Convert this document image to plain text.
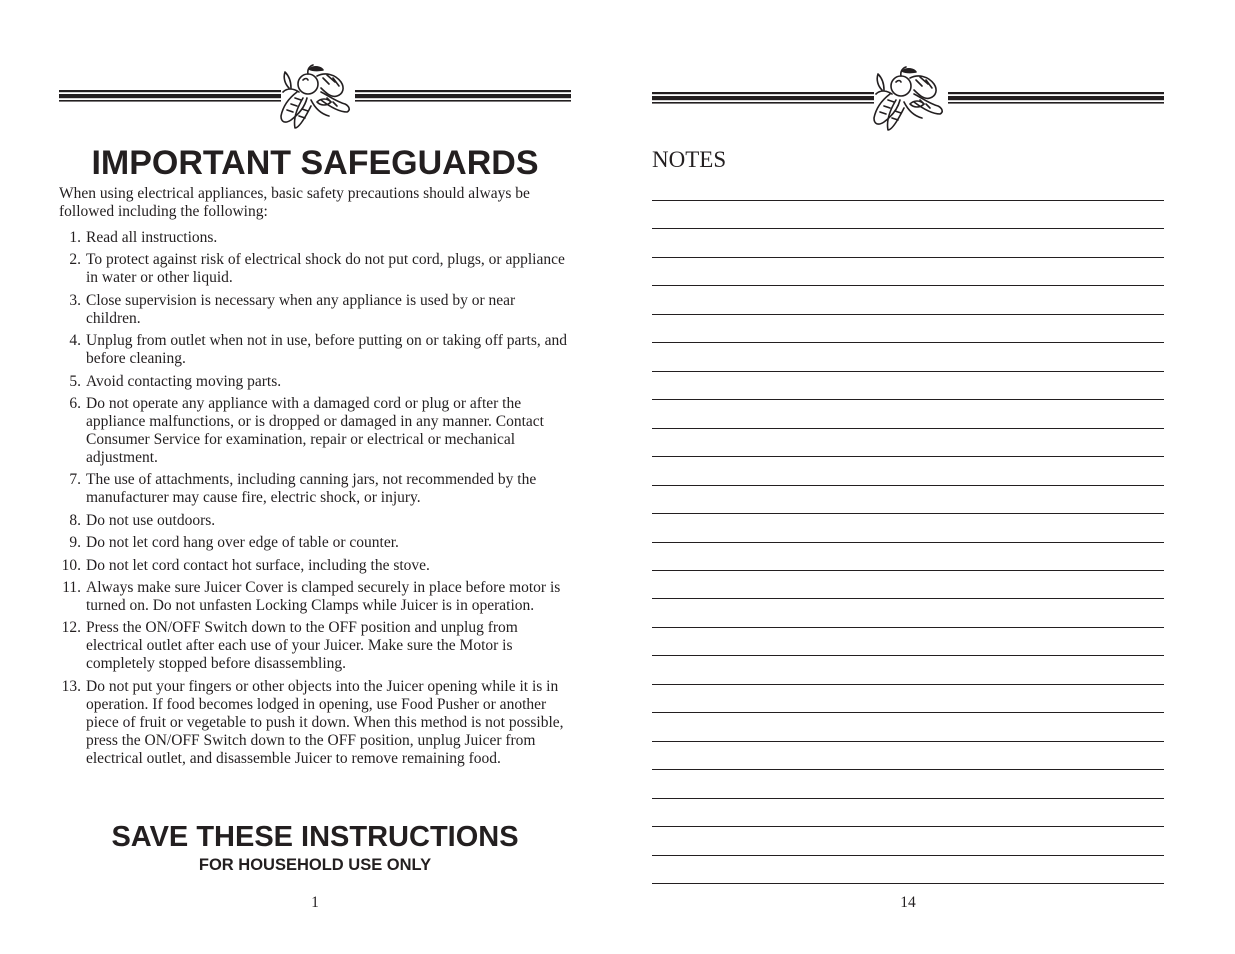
IMPORTANT SAFEGUARDS

When using electrical appliances, basic safety precautions should always be followed including the following:

1. Read all instructions.
2. To protect against risk of electrical shock do not put cord, plugs, or appliance in water or other liquid.
3. Close supervision is necessary when any appliance is used by or near children.
4. Unplug from outlet when not in use, before putting on or taking off parts, and before cleaning.
5. Avoid contacting moving parts.
6. Do not operate any appliance with a damaged cord or plug or after the appliance malfunctions, or is dropped or damaged in any manner. Contact Consumer Service for examination, repair or electrical or mechanical adjustment.
7. The use of attachments, including canning jars, not recommended by the manufacturer may cause fire, electric shock, or injury.
8. Do not use outdoors.
9. Do not let cord hang over edge of table or counter.
10. Do not let cord contact hot surface, including the stove.
11. Always make sure Juicer Cover is clamped securely in place before motor is turned on. Do not unfasten Locking Clamps while Juicer is in operation.
12. Press the ON/OFF Switch down to the OFF position and unplug from electrical outlet after each use of your Juicer. Make sure the Motor is completely stopped before disassembling.
13. Do not put your fingers or other objects into the Juicer opening while it is in operation. If food becomes lodged in opening, use Food Pusher or another piece of fruit or vegetable to push it down. When this method is not possible, press the ON/OFF Switch down to the OFF position, unplug Juicer from electrical outlet, and disassemble Juicer to remove remaining food.
SAVE THESE INSTRUCTIONS

FOR HOUSEHOLD USE ONLY

1
NOTES
14
